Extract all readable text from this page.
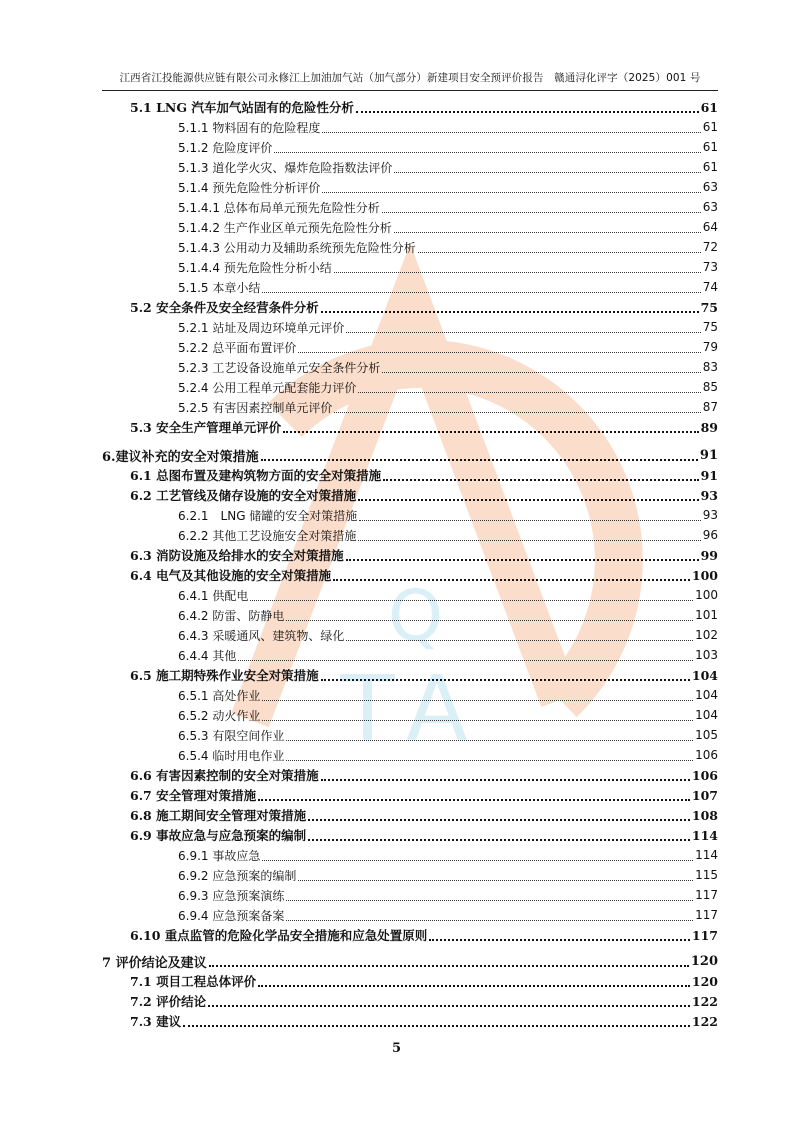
江西省江投能源供应链有限公司永修江上加油加气站（加气部分）新建项目安全预评价报告　赣通浔化评字（2025）001 号
Q
TA
5.1 LNG 汽车加气站固有的危险性分析	61
5.1.1 物料固有的危险程度	61
5.1.2 危险度评价	61
5.1.3 道化学火灾、爆炸危险指数法评价	61
5.1.4 预先危险性分析评价	63
5.1.4.1 总体布局单元预先危险性分析	63
5.1.4.2 生产作业区单元预先危险性分析	64
5.1.4.3 公用动力及辅助系统预先危险性分析	72
5.1.4.4 预先危险性分析小结	73
5.1.5 本章小结	74
5.2 安全条件及安全经营条件分析	75
5.2.1 站址及周边环境单元评价	75
5.2.2 总平面布置评价	79
5.2.3 工艺设备设施单元安全条件分析	83
5.2.4 公用工程单元配套能力评价	85
5.2.5 有害因素控制单元评价	87
5.3 安全生产管理单元评价	89
6.建议补充的安全对策措施	91
6.1 总图布置及建构筑物方面的安全对策措施	91
6.2 工艺管线及储存设施的安全对策措施	93
6.2.1　LNG 储罐的安全对策措施	93
6.2.2 其他工艺设施安全对策措施	96
6.3 消防设施及给排水的安全对策措施	99
6.4 电气及其他设施的安全对策措施	100
6.4.1 供配电	100
6.4.2 防雷、防静电	101
6.4.3 采暖通风、建筑物、绿化	102
6.4.4 其他	103
6.5 施工期特殊作业安全对策措施	104
6.5.1 高处作业	104
6.5.2 动火作业	104
6.5.3 有限空间作业	105
6.5.4 临时用电作业	106
6.6 有害因素控制的安全对策措施	106
6.7 安全管理对策措施	107
6.8 施工期间安全管理对策措施	108
6.9 事故应急与应急预案的编制	114
6.9.1 事故应急	114
6.9.2 应急预案的编制	115
6.9.3 应急预案演练	117
6.9.4 应急预案备案	117
6.10 重点监管的危险化学品安全措施和应急处置原则	117
7 评价结论及建议	120
7.1 项目工程总体评价	120
7.2 评价结论	122
7.3 建议	122
5
